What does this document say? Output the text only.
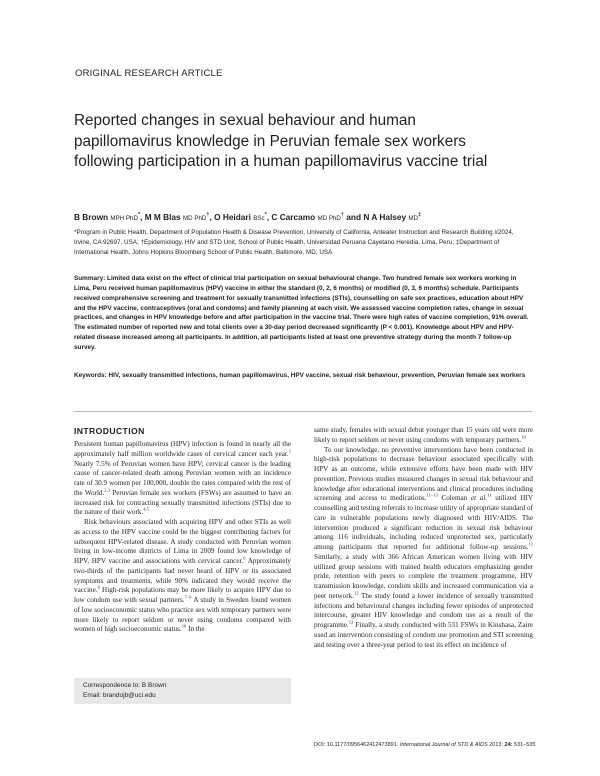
ORIGINAL RESEARCH ARTICLE
Reported changes in sexual behaviour and human papillomavirus knowledge in Peruvian female sex workers following participation in a human papillomavirus vaccine trial
B Brown MPH PhD*, M M Blas MD PhD†, O Heidari BSc*, C Carcamo MD PhD† and N A Halsey MD‡
*Program in Public Health, Department of Population Health & Disease Prevention, University of California, Anteater Instruction and Research Building #2024, Irvine, CA 92697, USA; †Epidemiology, HIV and STD Unit, School of Public Health, Universidad Peruana Cayetano Heredia, Lima, Peru; ‡Department of International Health, Johns Hopkins Bloomberg School of Public Health, Baltimore, MD, USA
Summary: Limited data exist on the effect of clinical trial participation on sexual behavioural change. Two hundred female sex workers working in Lima, Peru received human papillomavirus (HPV) vaccine in either the standard (0, 2, 6 months) or modified (0, 3, 6 months) schedule. Participants received comprehensive screening and treatment for sexually transmitted infections (STIs), counselling on safe sex practices, education about HPV and the HPV vaccine, contraceptives (oral and condoms) and family planning at each visit. We assessed vaccine completion rates, change in sexual practices, and changes in HPV knowledge before and after participation in the vaccine trial. There were high rates of vaccine completion, 91% overall. The estimated number of reported new and total clients over a 30-day period decreased significantly (P < 0.001). Knowledge about HPV and HPV-related disease increased among all participants. In addition, all participants listed at least one preventive strategy during the month 7 follow-up survey.
Keywords: HIV, sexually transmitted infections, human papillomavirus, HPV vaccine, sexual risk behaviour, prevention, Peruvian female sex workers
INTRODUCTION

Persistent human papillomavirus (HPV) infection is found in nearly all the approximately half million worldwide cases of cervical cancer each year.$^1$ Nearly 7.5% of Peruvian women have HPV; cervical cancer is the leading cause of cancer-related death among Peruvian women with an incidence rate of 30.9 women per 100,000, double the rates compared with the rest of the World.$^{2,3}$ Peruvian female sex workers (FSWs) are assumed to have an increased risk for contracting sexually transmitted infections (STIs) due to the nature of their work.$^{4,5}$

Risk behaviours associated with acquiring HPV and other STIs as well as access to the HPV vaccine could be the biggest contributing factors for subsequent HPV-related disease. A study conducted with Peruvian women living in low-income districts of Lima in 2009 found low knowledge of HPV, HPV vaccine and associations with cervical cancer.$^6$ Approximately two-thirds of the participants had never heard of HPV or its associated symptoms and treatments, while 90% indicated they would receive the vaccine.$^6$ High-risk populations may be more likely to acquire HPV due to low condom use with sexual partners.$^{7-9}$ A study in Sweden found women of low socioeconomic status who practice sex with temporary partners were more likely to report seldom or never using condoms compared with women of high socioeconomic status.$^{10}$ In the

same study, females with sexual debut younger than 15 years old were more likely to report seldom or never using condoms with temporary partners.$^{10}$

To our knowledge, no preventive interventions have been conducted in high-risk populations to decrease behaviour associated specifically with HPV as an outcome, while extensive efforts have been made with HIV prevention. Previous studies measured changes in sexual risk behaviour and knowledge after educational interventions and clinical procedures including screening and access to medications.$^{11-13}$ Coleman et al.$^{11}$ utilized HIV counselling and testing referrals to increase utility of appropriate standard of care in vulnerable populations newly diagnosed with HIV/AIDS. The intervention produced a significant reduction in sexual risk behaviour among 116 individuals, including reduced unprotected sex, particularly among participants that reported for additional follow-up sessions.$^{11}$ Similarly, a study with 366 African American women living with HIV utilized group sessions with trained health educators emphasizing gender pride, retention with peers to complete the treatment programme, HIV transmission knowledge, condom skills and increased communication via a peer network.$^{12}$ The study found a lower incidence of sexually transmitted infections and behavioural changes including fewer episodes of unprotected intercourse, greater HIV knowledge and condom use as a result of the programme.$^{12}$ Finally, a study conducted with 531 FSWs in Kinshasa, Zaire used an intervention consisting of condom use promotion and STI screening and testing over a three-year period to test its effect on incidence of

Correspondence to: B Brown
Email: brandojb@uci.edu
DOI: 10.1177/0956462412473891. International Journal of STD & AIDS 2013; 24: 531–535
